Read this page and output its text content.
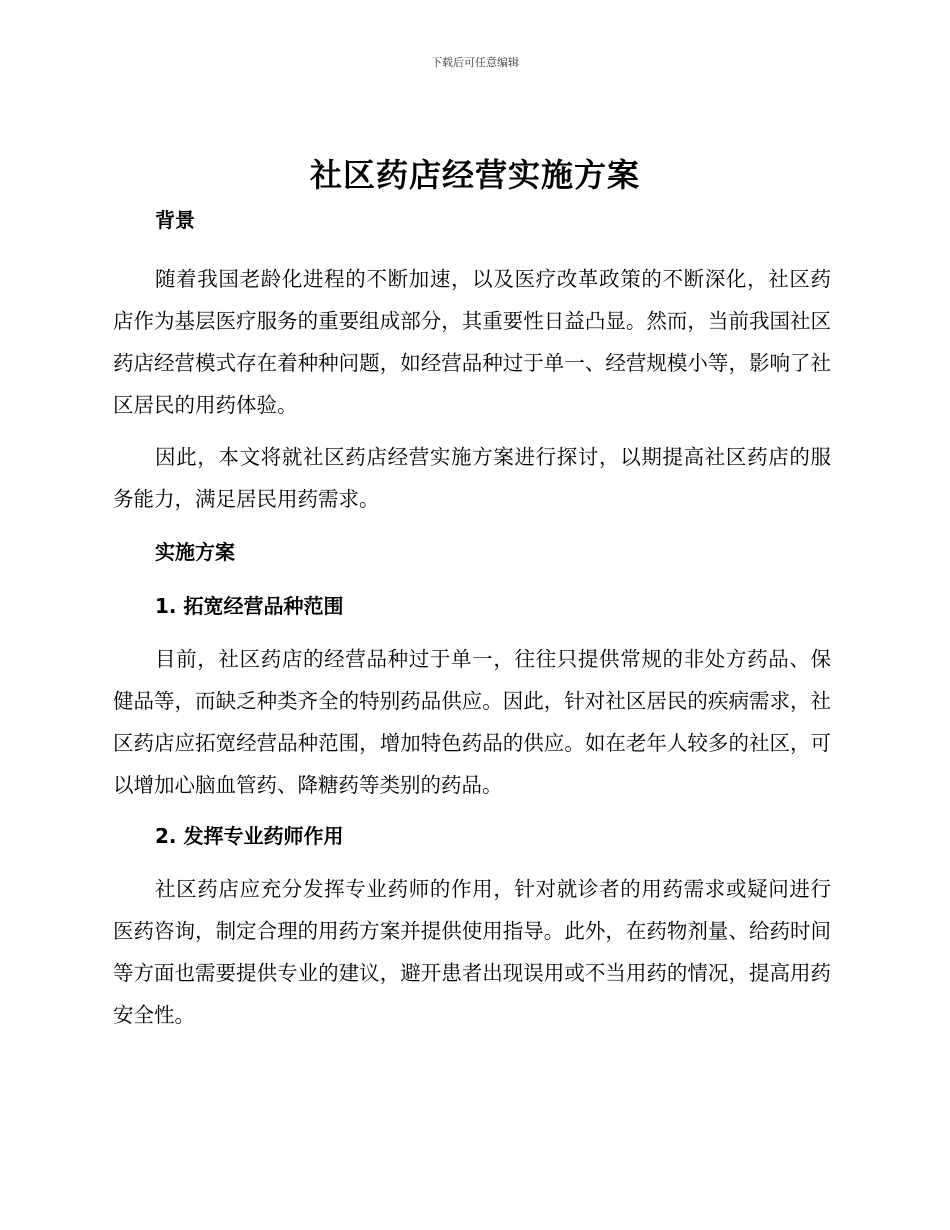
下载后可任意编辑
社区药店经营实施方案
背景

随着我国老龄化进程的不断加速，以及医疗改革政策的不断深化，社区药店作为基层医疗服务的重要组成部分，其重要性日益凸显。然而，当前我国社区药店经营模式存在着种种问题，如经营品种过于单一、经营规模小等，影响了社区居民的用药体验。

因此，本文将就社区药店经营实施方案进行探讨，以期提高社区药店的服务能力，满足居民用药需求。

实施方案
1. 拓宽经营品种范围

目前，社区药店的经营品种过于单一，往往只提供常规的非处方药品、保健品等，而缺乏种类齐全的特别药品供应。因此，针对社区居民的疾病需求，社区药店应拓宽经营品种范围，增加特色药品的供应。如在老年人较多的社区，可以增加心脑血管药、降糖药等类别的药品。

2. 发挥专业药师作用

社区药店应充分发挥专业药师的作用，针对就诊者的用药需求或疑问进行医药咨询，制定合理的用药方案并提供使用指导。此外，在药物剂量、给药时间等方面也需要提供专业的建议，避开患者出现误用或不当用药的情况，提高用药安全性。
